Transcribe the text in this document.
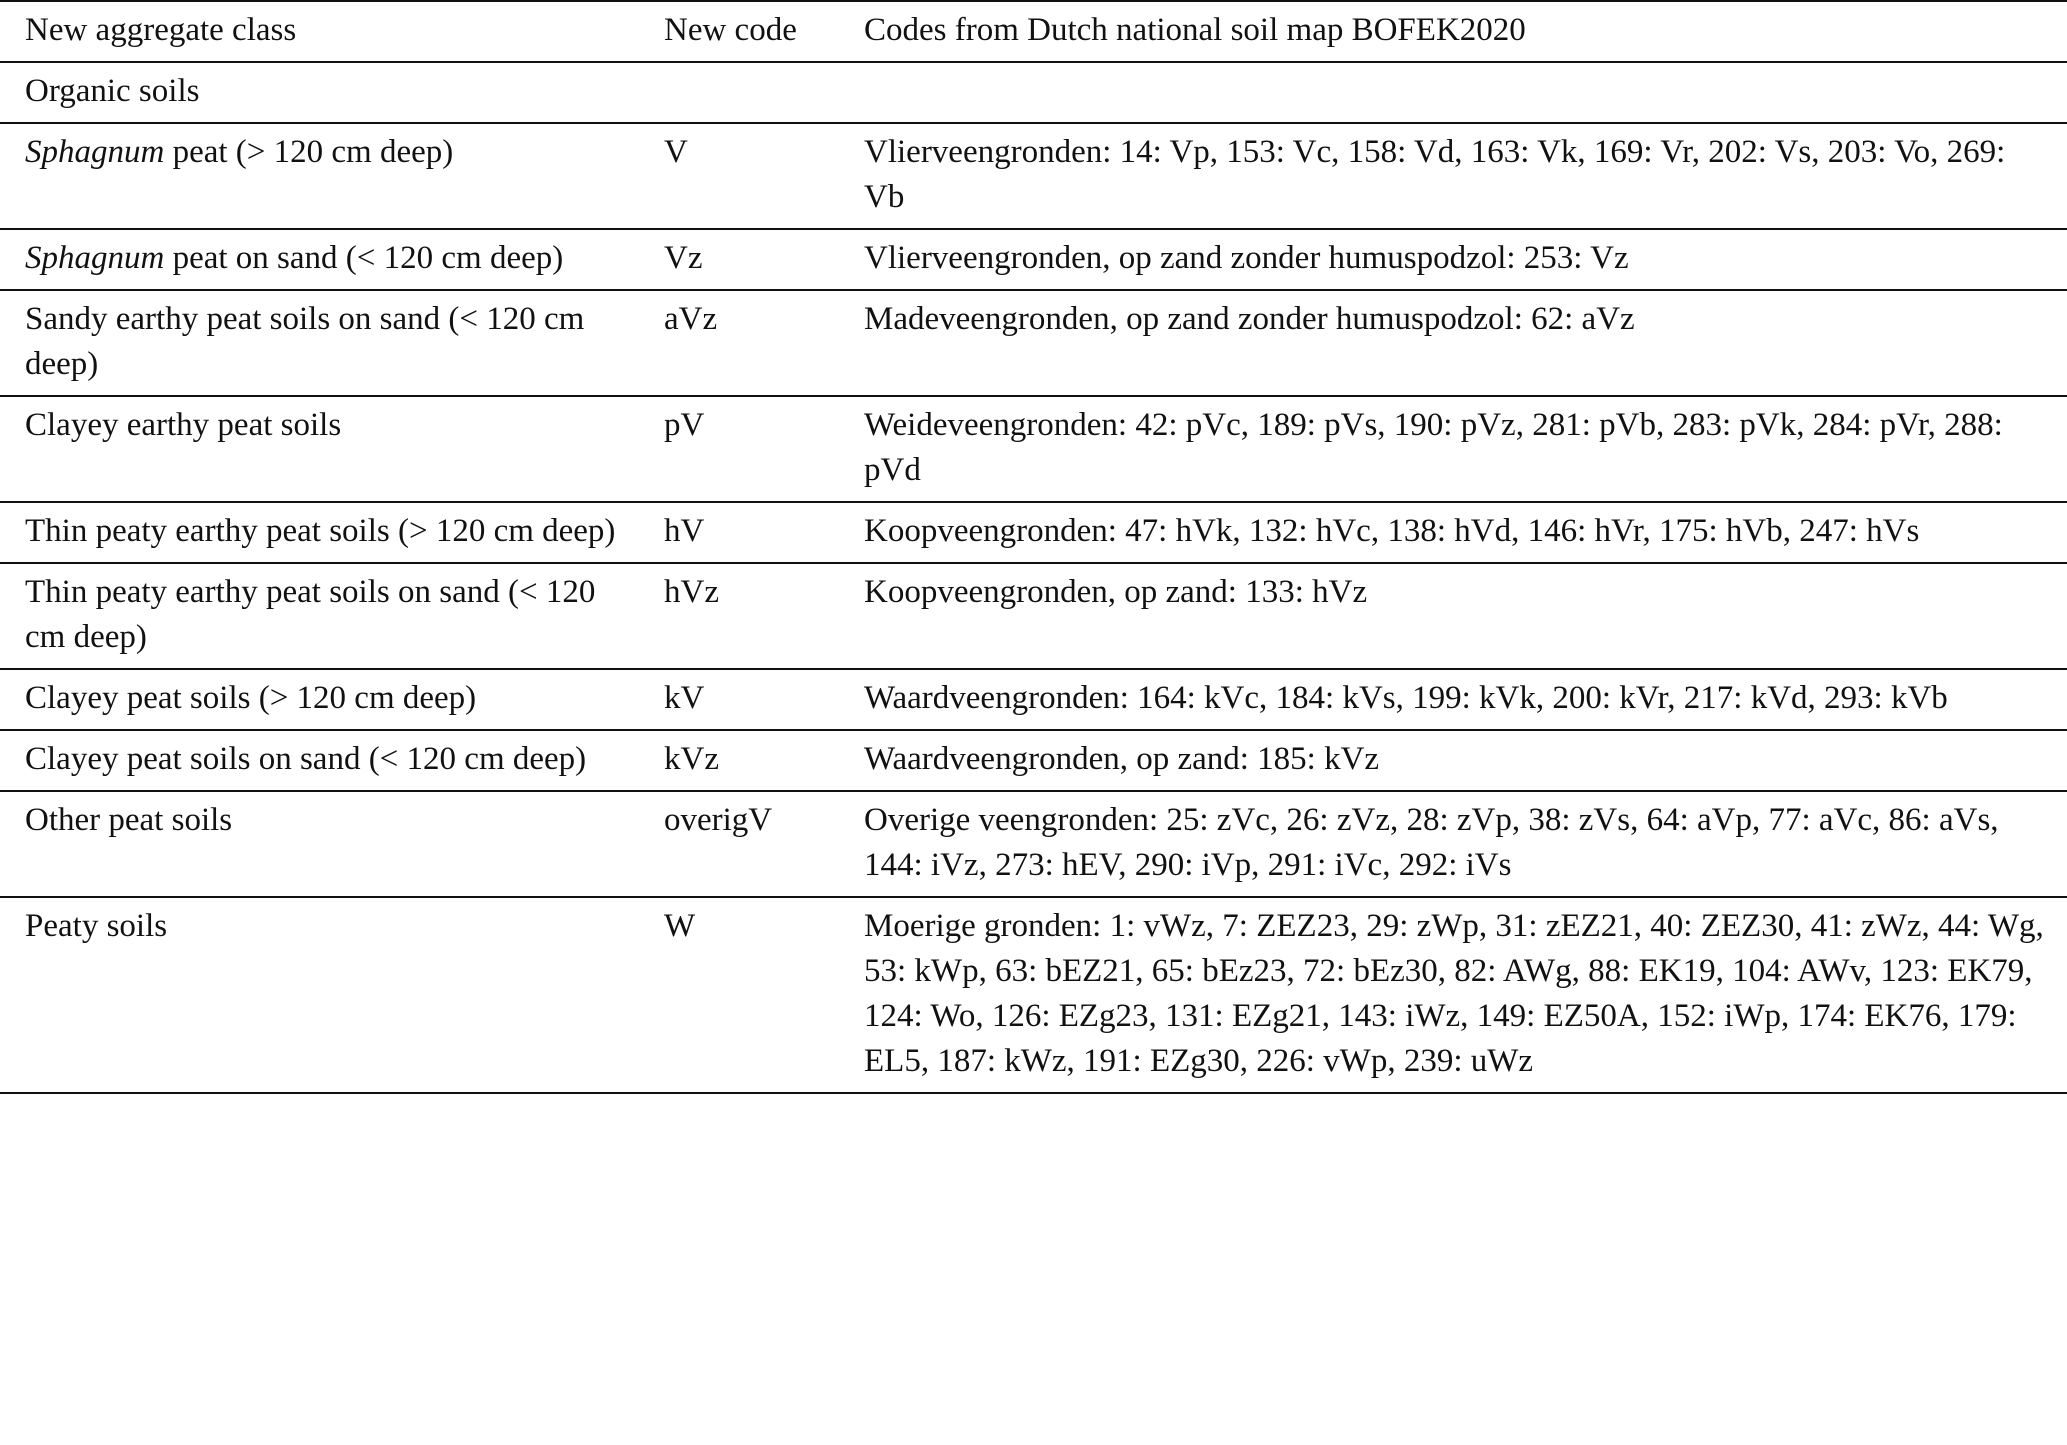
New aggregate class	New code	Codes from Dutch national soil map BOFEK2020
Organic soils		
Sphagnum peat (> 120 cm deep)	V	Vlierveengronden: 14: Vp, 153: Vc, 158: Vd, 163: Vk, 169: Vr, 202: Vs, 203: Vo, 269: Vb
Sphagnum peat on sand (< 120 cm deep)	Vz	Vlierveengronden, op zand zonder humuspodzol: 253: Vz
Sandy earthy peat soils on sand (< 120 cm deep)	aVz	Madeveengronden, op zand zonder humuspodzol: 62: aVz
Clayey earthy peat soils	pV	Weideveengronden: 42: pVc, 189: pVs, 190: pVz, 281: pVb, 283: pVk, 284: pVr, 288: pVd
Thin peaty earthy peat soils (> 120 cm deep)	hV	Koopveengronden: 47: hVk, 132: hVc, 138: hVd, 146: hVr, 175: hVb, 247: hVs
Thin peaty earthy peat soils on sand (< 120 cm deep)	hVz	Koopveengronden, op zand: 133: hVz
Clayey peat soils (> 120 cm deep)	kV	Waardveengronden: 164: kVc, 184: kVs, 199: kVk, 200: kVr, 217: kVd, 293: kVb
Clayey peat soils on sand (< 120 cm deep)	kVz	Waardveengronden, op zand: 185: kVz
Other peat soils	overigV	Overige veengronden: 25: zVc, 26: zVz, 28: zVp, 38: zVs, 64: aVp, 77: aVc, 86: aVs, 144: iVz, 273: hEV, 290: iVp, 291: iVc, 292: iVs
Peaty soils	W	Moerige gronden: 1: vWz, 7: ZEZ23, 29: zWp, 31: zEZ21, 40: ZEZ30, 41: zWz, 44: Wg, 53: kWp, 63: bEZ21, 65: bEz23, 72: bEz30, 82: AWg, 88: EK19, 104: AWv, 123: EK79, 124: Wo, 126: EZg23, 131: EZg21, 143: iWz, 149: EZ50A, 152: iWp, 174: EK76, 179: EL5, 187: kWz, 191: EZg30, 226: vWp, 239: uWz
